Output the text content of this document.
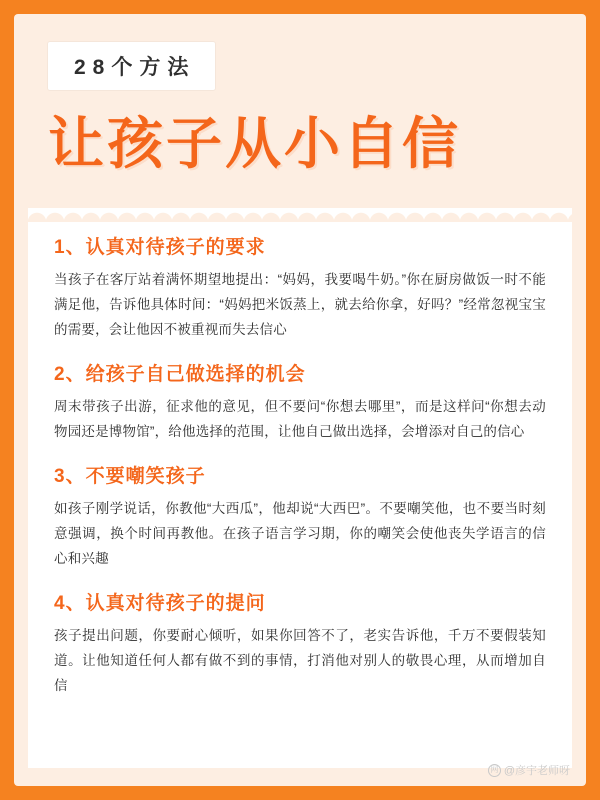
28个方法
让孩子从小自信
1、认真对待孩子的要求
当孩子在客厅站着满怀期望地提出：“妈妈，我要喝牛奶。”你在厨房做饭一时不能满足他，告诉他具体时间：“妈妈把米饭蒸上，就去给你拿，好吗？”经常忽视宝宝的需要，会让他因不被重视而失去信心
2、给孩子自己做选择的机会
周末带孩子出游，征求他的意见，但不要问“你想去哪里”，而是这样问“你想去动物园还是博物馆”，给他选择的范围，让他自己做出选择，会增添对自己的信心
3、不要嘲笑孩子
如孩子刚学说话，你教他“大西瓜”，他却说“大西巴”。不要嘲笑他，也不要当时刻意强调，换个时间再教他。在孩子语言学习期，你的嘲笑会使他丧失学语言的信心和兴趣
4、认真对待孩子的提问
孩子提出问题，你要耐心倾听，如果你回答不了，老实告诉他，千万不要假装知道。让他知道任何人都有做不到的事情，打消他对别人的敬畏心理，从而增加自信
网 @彦宇老师呀
